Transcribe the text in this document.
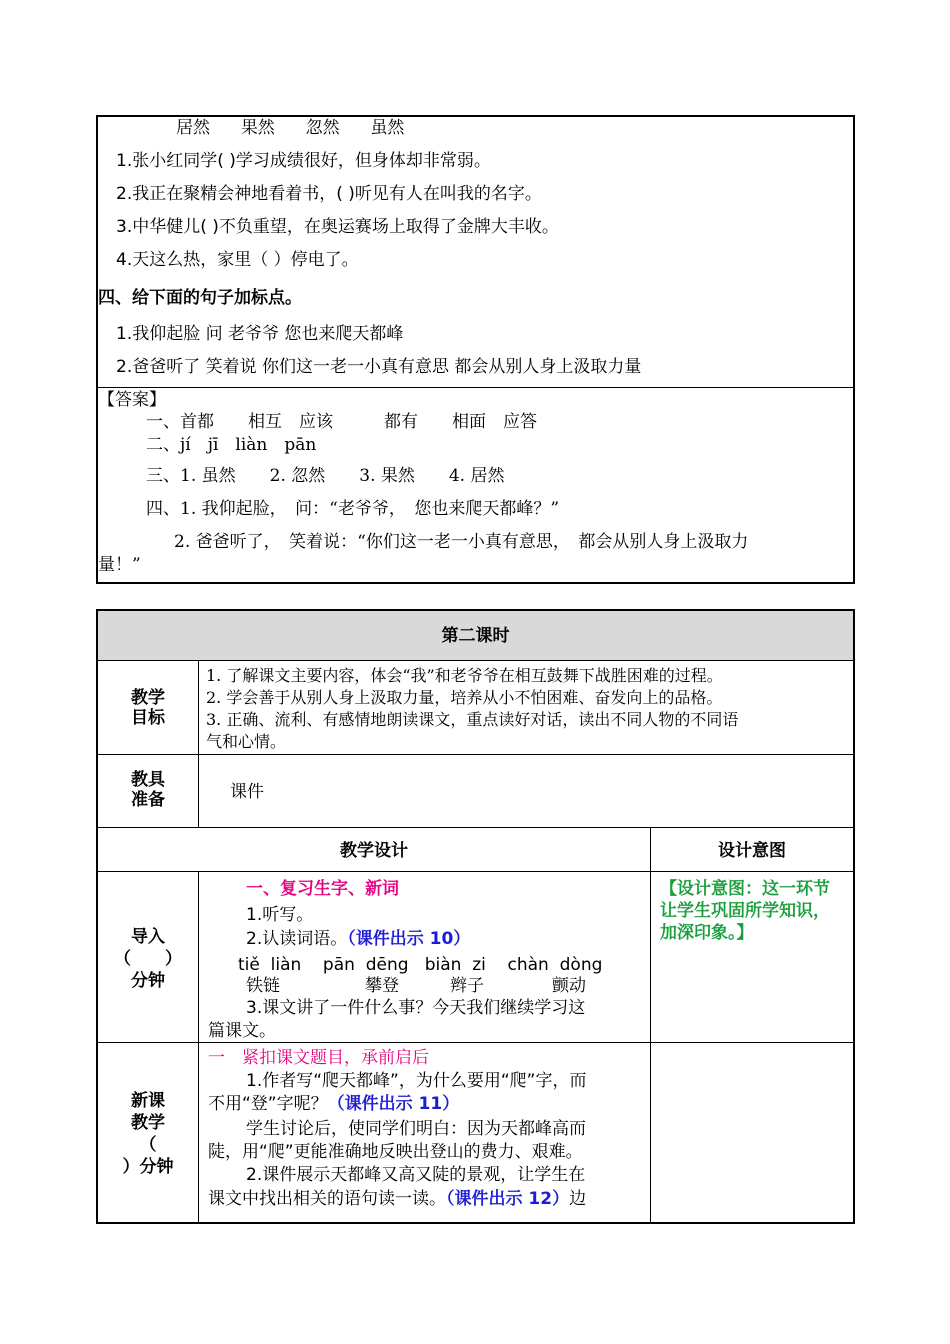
居然 果然 忽然 虽然
1.张小红同学( )学习成绩很好，但身体却非常弱。
2.我正在聚精会神地看着书，( )听见有人在叫我的名字。
3.中华健儿( )不负重望，在奥运赛场上取得了金牌大丰收。
4.天这么热，家里（ ）停电了。
四、给下面的句子加标点。
1.我仰起脸 问 老爷爷 您也来爬天都峰
2.爸爸听了 笑着说 你们这一老一小真有意思 都会从别人身上汲取力量
【答案】
一、首都　　相互　应该　　　都有　　相面　应答
二、jí　jī　liàn　pān
三、1. 虽然　　2. 忽然　　3. 果然　　4. 居然
四、1. 我仰起脸，　问：“老爷爷，　您也来爬天都峰？”
2. 爸爸听了，　笑着说：“你们这一老一小真有意思，　都会从别人身上汲取力
量！”
第二课时
教学
目标
1. 了解课文主要内容，体会“我”和老爷爷在相互鼓舞下战胜困难的过程。
2. 学会善于从别人身上汲取力量，培养从小不怕困难、奋发向上的品格。
3. 正确、流利、有感情地朗读课文，重点读好对话，读出不同人物的不同语
气和心情。
教具
准备	课件
教学设计	设计意图
导入
（　　）
分钟
一、复习生字、新词
1.听写。
2.认读词语。（课件出示 10）
tiě  liàn    pān  dēng   biàn  zi    chàn  dòng
铁链　　　　　攀登　　　辫子　　　　颤动
3.课文讲了一件什么事？今天我们继续学习这
篇课文。
【设计意图：这一环节让学生巩固所学知识，加深印象。】
新课
教学
（
）分钟
一　紧扣课文题目，承前启后
1.作者写“爬天都峰”，为什么要用“爬”字，而
不用“登”字呢？（课件出示 11）
学生讨论后，使同学们明白：因为天都峰高而
陡，用“爬”更能准确地反映出登山的费力、艰难。
2.课件展示天都峰又高又陡的景观，让学生在
课文中找出相关的语句读一读。（课件出示 12）边
